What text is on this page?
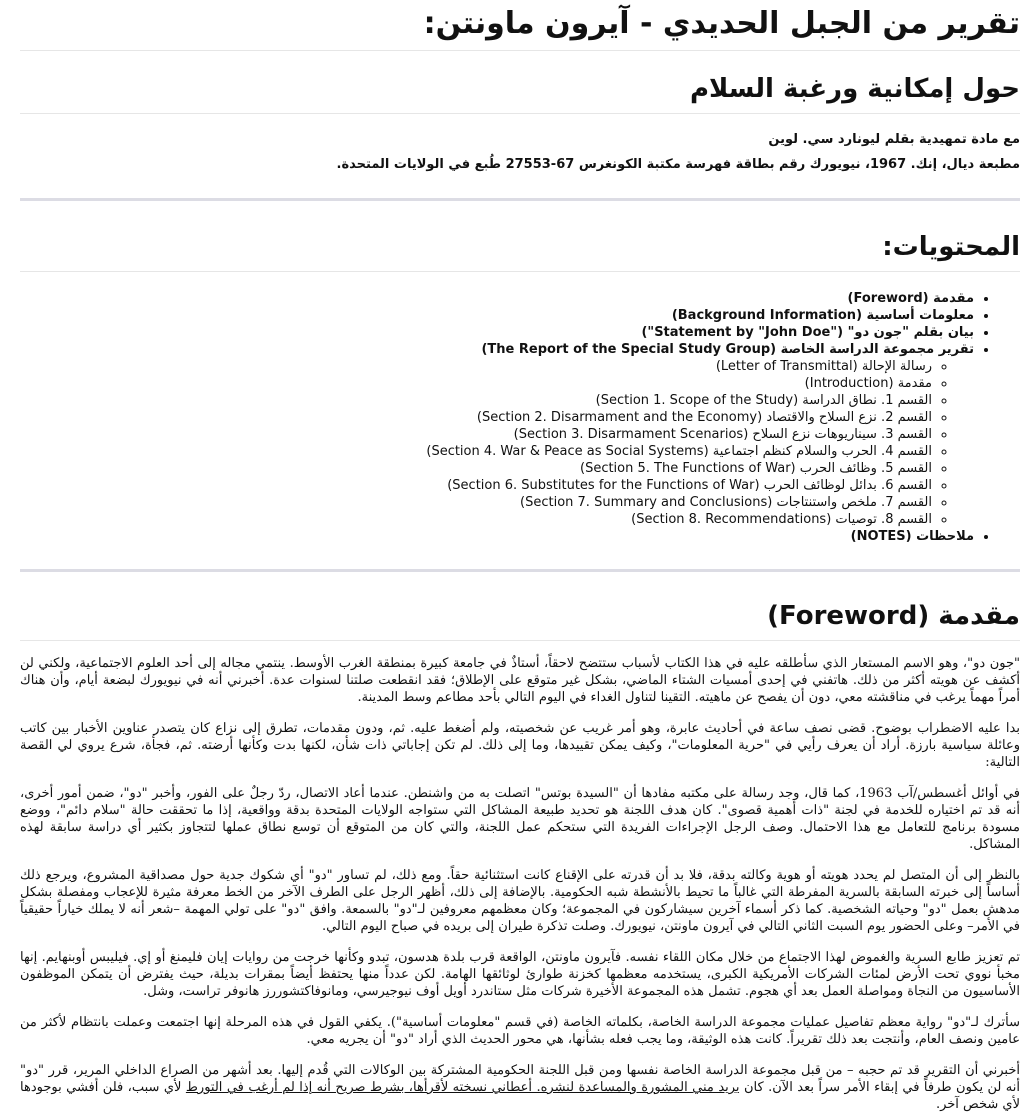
تقرير من الجبل الحديدي - آيرون ماونتن:
حول إمكانية ورغبة السلام

مع مادة تمهيدية بقلم ليونارد سي. لوين

مطبعة ديال، إنك. 1967، نيويورك رقم بطاقة فهرسة مكتبة الكونغرس 67-27553 طُبع في الولايات المتحدة.

المحتويات:
• مقدمة (Foreword)
• معلومات أساسية (Background Information)
• بيان بقلم "جون دو" ("Statement by "John Doe")
• تقرير مجموعة الدراسة الخاصة (The Report of the Special Study Group)
◦ رسالة الإحالة (Letter of Transmittal)
◦ مقدمة (Introduction)
◦ القسم 1. نطاق الدراسة (Section 1. Scope of the Study)
◦ القسم 2. نزع السلاح والاقتصاد (Section 2. Disarmament and the Economy)
◦ القسم 3. سيناريوهات نزع السلاح (Section 3. Disarmament Scenarios)
◦ القسم 4. الحرب والسلام كنظم اجتماعية (Section 4. War & Peace as Social Systems)
◦ القسم 5. وظائف الحرب (Section 5. The Functions of War)
◦ القسم 6. بدائل لوظائف الحرب (Section 6. Substitutes for the Functions of War)
◦ القسم 7. ملخص واستنتاجات (Section 7. Summary and Conclusions)
◦ القسم 8. توصيات (Section 8. Recommendations)
• ملاحظات (NOTES)
مقدمة (Foreword)

"جون دو"، وهو الاسم المستعار الذي سأطلقه عليه في هذا الكتاب لأسباب ستتضح لاحقاً، أستاذٌ في جامعة كبيرة بمنطقة الغرب الأوسط. ينتمي مجاله إلى أحد العلوم الاجتماعية، ولكني لن أكشف عن هويته أكثر من ذلك. هاتفني في إحدى أمسيات الشتاء الماضي، بشكل غير متوقع على الإطلاق؛ فقد انقطعت صلتنا لسنوات عدة. أخبرني أنه في نيويورك لبضعة أيام، وأن هناك أمراً مهماً يرغب في مناقشته معي، دون أن يفصح عن ماهيته. التقينا لتناول الغداء في اليوم التالي بأحد مطاعم وسط المدينة.

بدا عليه الاضطراب بوضوح. قضى نصف ساعة في أحاديث عابرة، وهو أمر غريب عن شخصيته، ولم أضغط عليه. ثم، ودون مقدمات، تطرق إلى نزاع كان يتصدر عناوين الأخبار بين كاتب وعائلة سياسية بارزة. أراد أن يعرف رأيي في "حرية المعلومات"، وكيف يمكن تقييدها، وما إلى ذلك. لم تكن إجاباتي ذات شأن، لكنها بدت وكأنها أرضته. ثم، فجأة، شرع يروي لي القصة التالية:

في أوائل أغسطس/آب 1963، كما قال، وجد رسالة على مكتبه مفادها أن "السيدة بوتس" اتصلت به من واشنطن. عندما أعاد الاتصال، ردّ رجلٌ على الفور، وأخبر "دو"، ضمن أمور أخرى، أنه قد تم اختياره للخدمة في لجنة "ذات أهمية قصوى". كان هدف اللجنة هو تحديد طبيعة المشاكل التي ستواجه الولايات المتحدة بدقة وواقعية، إذا ما تحققت حالة "سلام دائم"، ووضع مسودة برنامج للتعامل مع هذا الاحتمال. وصف الرجل الإجراءات الفريدة التي ستحكم عمل اللجنة، والتي كان من المتوقع أن توسع نطاق عملها لتتجاوز بكثير أي دراسة سابقة لهذه المشاكل.

بالنظر إلى أن المتصل لم يحدد هويته أو هوية وكالته بدقة، فلا بد أن قدرته على الإقناع كانت استثنائية حقاً. ومع ذلك، لم تساور "دو" أي شكوك جدية حول مصداقية المشروع، ويرجع ذلك أساساً إلى خبرته السابقة بالسرية المفرطة التي غالباً ما تحيط بالأنشطة شبه الحكومية. بالإضافة إلى ذلك، أظهر الرجل على الطرف الآخر من الخط معرفة مثيرة للإعجاب ومفصلة بشكل مدهش بعمل "دو" وحياته الشخصية. كما ذكر أسماء آخرين سيشاركون في المجموعة؛ وكان معظمهم معروفين لـ"دو" بالسمعة. وافق "دو" على تولي المهمة –شعر أنه لا يملك خياراً حقيقياً في الأمر– وعلى الحضور يوم السبت الثاني التالي في آيرون ماونتن، نيويورك. وصلت تذكرة طيران إلى بريده في صباح اليوم التالي.

تم تعزيز طابع السرية والغموض لهذا الاجتماع من خلال مكان اللقاء نفسه. فآيرون ماونتن، الواقعة قرب بلدة هدسون، تبدو وكأنها خرجت من روايات إيان فليمنغ أو إي. فيليبس أوبنهايم. إنها مخبأ نووي تحت الأرض لمئات الشركات الأمريكية الكبرى، يستخدمه معظمها كخزنة طوارئ لوثائقها الهامة. لكن عدداً منها يحتفظ أيضاً بمقرات بديلة، حيث يفترض أن يتمكن الموظفون الأساسيون من النجاة ومواصلة العمل بعد أي هجوم. تشمل هذه المجموعة الأخيرة شركات مثل ستاندرد أويل أوف نيوجيرسي، ومانوفاكتشوررز هانوفر تراست، وشل.

سأترك لـ"دو" رواية معظم تفاصيل عمليات مجموعة الدراسة الخاصة، بكلماته الخاصة (في قسم "معلومات أساسية"). يكفي القول في هذه المرحلة إنها اجتمعت وعملت بانتظام لأكثر من عامين ونصف العام، وأنتجت بعد ذلك تقريراً. كانت هذه الوثيقة، وما يجب فعله بشأنها، هي محور الحديث الذي أراد "دو" أن يجريه معي.

أخبرني أن التقرير قد تم حجبه – من قبل مجموعة الدراسة الخاصة نفسها ومن قبل اللجنة الحكومية المشتركة بين الوكالات التي قُدم إليها. بعد أشهر من الصراع الداخلي المرير، قرر "دو" أنه لن يكون طرفاً في إبقاء الأمر سراً بعد الآن. كان يريد مني المشورة والمساعدة لنشره. أعطاني نسخته لأقرأها، بشرط صريح أنه إذا لم أرغب في التورط لأي سبب، فلن أفشي بوجودها لأي شخص آخر.
